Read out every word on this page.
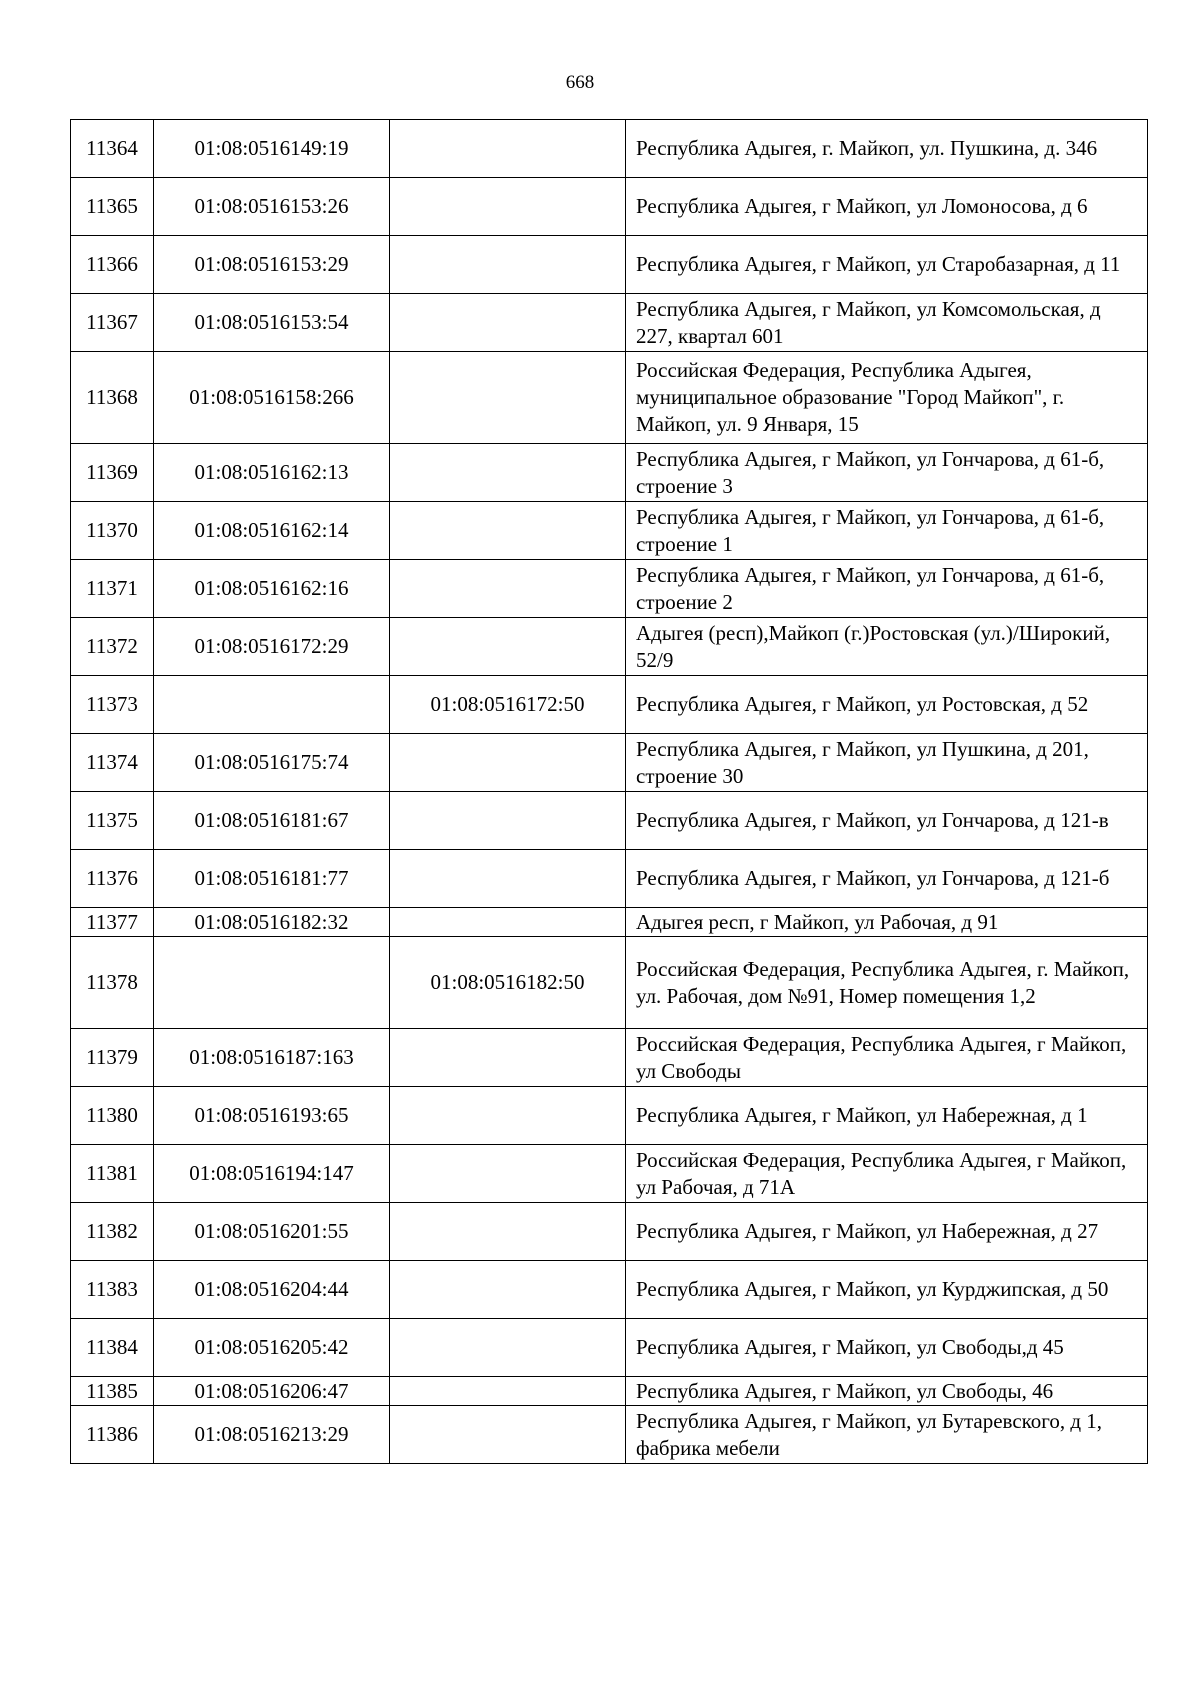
668
11364	01:08:0516149:19		Республика Адыгея, г. Майкоп, ул. Пушкина, д. 346
11365	01:08:0516153:26		Республика Адыгея, г Майкоп, ул Ломоносова, д 6
11366	01:08:0516153:29		Республика Адыгея, г Майкоп, ул Старобазарная, д 11
11367	01:08:0516153:54		Республика Адыгея, г Майкоп, ул Комсомольская, д 227, квартал 601
11368	01:08:0516158:266		Российская Федерация, Республика Адыгея, муниципальное образование "Город Майкоп", г. Майкоп, ул. 9 Января, 15
11369	01:08:0516162:13		Республика Адыгея, г Майкоп, ул Гончарова, д 61-б, строение 3
11370	01:08:0516162:14		Республика Адыгея, г Майкоп, ул Гончарова, д 61-б, строение 1
11371	01:08:0516162:16		Республика Адыгея, г Майкоп, ул Гончарова, д 61-б, строение 2
11372	01:08:0516172:29		Адыгея (респ),Майкоп (г.)Ростовская (ул.)/Широкий, 52/9
11373		01:08:0516172:50	Республика Адыгея, г Майкоп, ул Ростовская, д 52
11374	01:08:0516175:74		Республика Адыгея, г Майкоп, ул Пушкина, д 201, строение 30
11375	01:08:0516181:67		Республика Адыгея, г Майкоп, ул Гончарова, д 121-в
11376	01:08:0516181:77		Республика Адыгея, г Майкоп, ул Гончарова, д 121-б
11377	01:08:0516182:32		Адыгея респ, г Майкоп, ул Рабочая, д 91
11378		01:08:0516182:50	Российская Федерация, Республика Адыгея, г. Майкоп, ул. Рабочая, дом №91, Номер помещения 1,2
11379	01:08:0516187:163		Российская Федерация, Республика Адыгея, г Майкоп, ул Свободы
11380	01:08:0516193:65		Республика Адыгея, г Майкоп, ул Набережная, д 1
11381	01:08:0516194:147		Российская Федерация, Республика Адыгея, г Майкоп, ул Рабочая, д 71А
11382	01:08:0516201:55		Республика Адыгея, г Майкоп, ул Набережная, д 27
11383	01:08:0516204:44		Республика Адыгея, г Майкоп, ул Курджипская, д 50
11384	01:08:0516205:42		Республика Адыгея, г Майкоп, ул Свободы,д 45
11385	01:08:0516206:47		Республика Адыгея, г Майкоп, ул Свободы, 46
11386	01:08:0516213:29		Республика Адыгея, г Майкоп, ул Бутаревского, д 1, фабрика мебели
